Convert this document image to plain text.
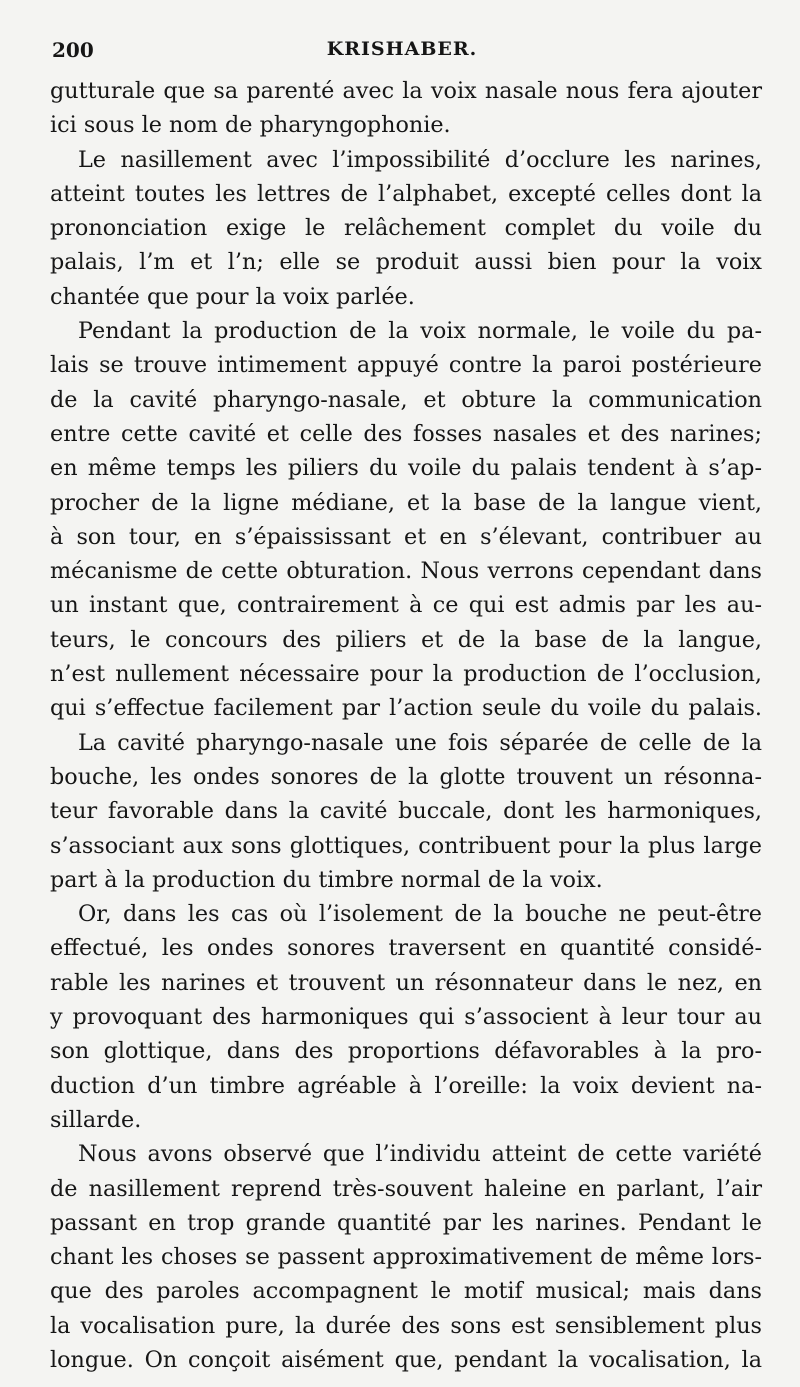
200	KRISHABER.
gutturale que sa parenté avec la voix nasale nous fera ajouter
ici sous le nom de pharyngophonie.
Le nasillement avec l’impossibilité d’occlure les narines,
atteint toutes les lettres de l’alphabet, excepté celles dont la
prononciation exige le relâchement complet du voile du
palais, l’m et l’n; elle se produit aussi bien pour la voix
chantée que pour la voix parlée.
Pendant la production de la voix normale, le voile du pa-
lais se trouve intimement appuyé contre la paroi postérieure
de la cavité pharyngo-nasale, et obture la communication
entre cette cavité et celle des fosses nasales et des narines;
en même temps les piliers du voile du palais tendent à s’ap-
procher de la ligne médiane, et la base de la langue vient,
à son tour, en s’épaississant et en s’élevant, contribuer au
mécanisme de cette obturation. Nous verrons cependant dans
un instant que, contrairement à ce qui est admis par les au-
teurs, le concours des piliers et de la base de la langue,
n’est nullement nécessaire pour la production de l’occlusion,
qui s’effectue facilement par l’action seule du voile du palais.
La cavité pharyngo-nasale une fois séparée de celle de la
bouche, les ondes sonores de la glotte trouvent un résonna-
teur favorable dans la cavité buccale, dont les harmoniques,
s’associant aux sons glottiques, contribuent pour la plus large
part à la production du timbre normal de la voix.
Or, dans les cas où l’isolement de la bouche ne peut-être
effectué, les ondes sonores traversent en quantité considé-
rable les narines et trouvent un résonnateur dans le nez, en
y provoquant des harmoniques qui s’associent à leur tour au
son glottique, dans des proportions défavorables à la pro-
duction d’un timbre agréable à l’oreille: la voix devient na-
sillarde.
Nous avons observé que l’individu atteint de cette variété
de nasillement reprend très-souvent haleine en parlant, l’air
passant en trop grande quantité par les narines. Pendant le
chant les choses se passent approximativement de même lors-
que des paroles accompagnent le motif musical; mais dans
la vocalisation pure, la durée des sons est sensiblement plus
longue. On conçoit aisément que, pendant la vocalisation, la
